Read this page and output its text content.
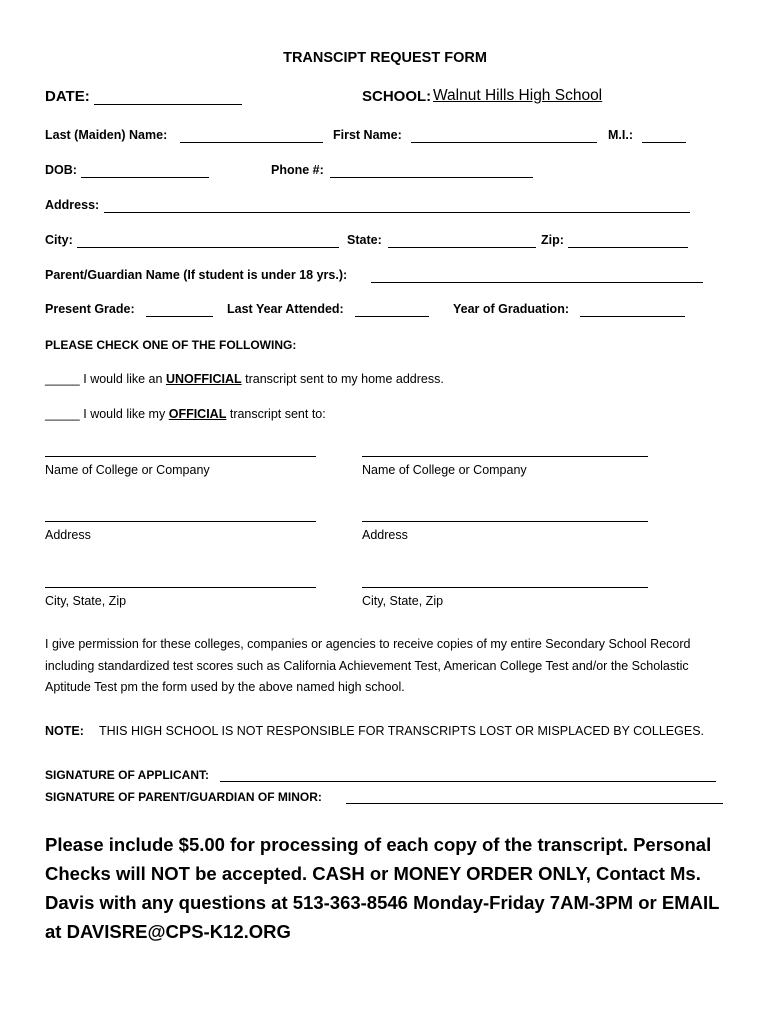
TRANSCIPT REQUEST FORM
DATE:	SCHOOL: Walnut Hills High School
Last (Maiden) Name:	First Name:	M.I.:
DOB:	Phone #:
Address:
City:	State:	Zip:
Parent/Guardian Name (If student is under 18 yrs.):
Present Grade:	Last Year Attended:	Year of Graduation:
PLEASE CHECK ONE OF THE FOLLOWING:
_____ I would like an UNOFFICIAL transcript sent to my home address.
_____ I would like my OFFICIAL transcript sent to:
Name of College or Company
Address
City, State, Zip
Name of College or Company
Address
City, State, Zip
I give permission for these colleges, companies or agencies to receive copies of my entire Secondary School Record including standardized test scores such as California Achievement Test, American College Test and/or the Scholastic Aptitude Test pm the form used by the above named high school.
NOTE: THIS HIGH SCHOOL IS NOT RESPONSIBLE FOR TRANSCRIPTS LOST OR MISPLACED BY COLLEGES.
SIGNATURE OF APPLICANT:
SIGNATURE OF PARENT/GUARDIAN OF MINOR:
Please include $5.00 for processing of each copy of the transcript. Personal Checks will NOT be accepted. CASH or MONEY ORDER ONLY, Contact Ms. Davis with any questions at 513-363-8546 Monday-Friday 7AM-3PM or EMAIL at DAVISRE@CPS-K12.ORG
